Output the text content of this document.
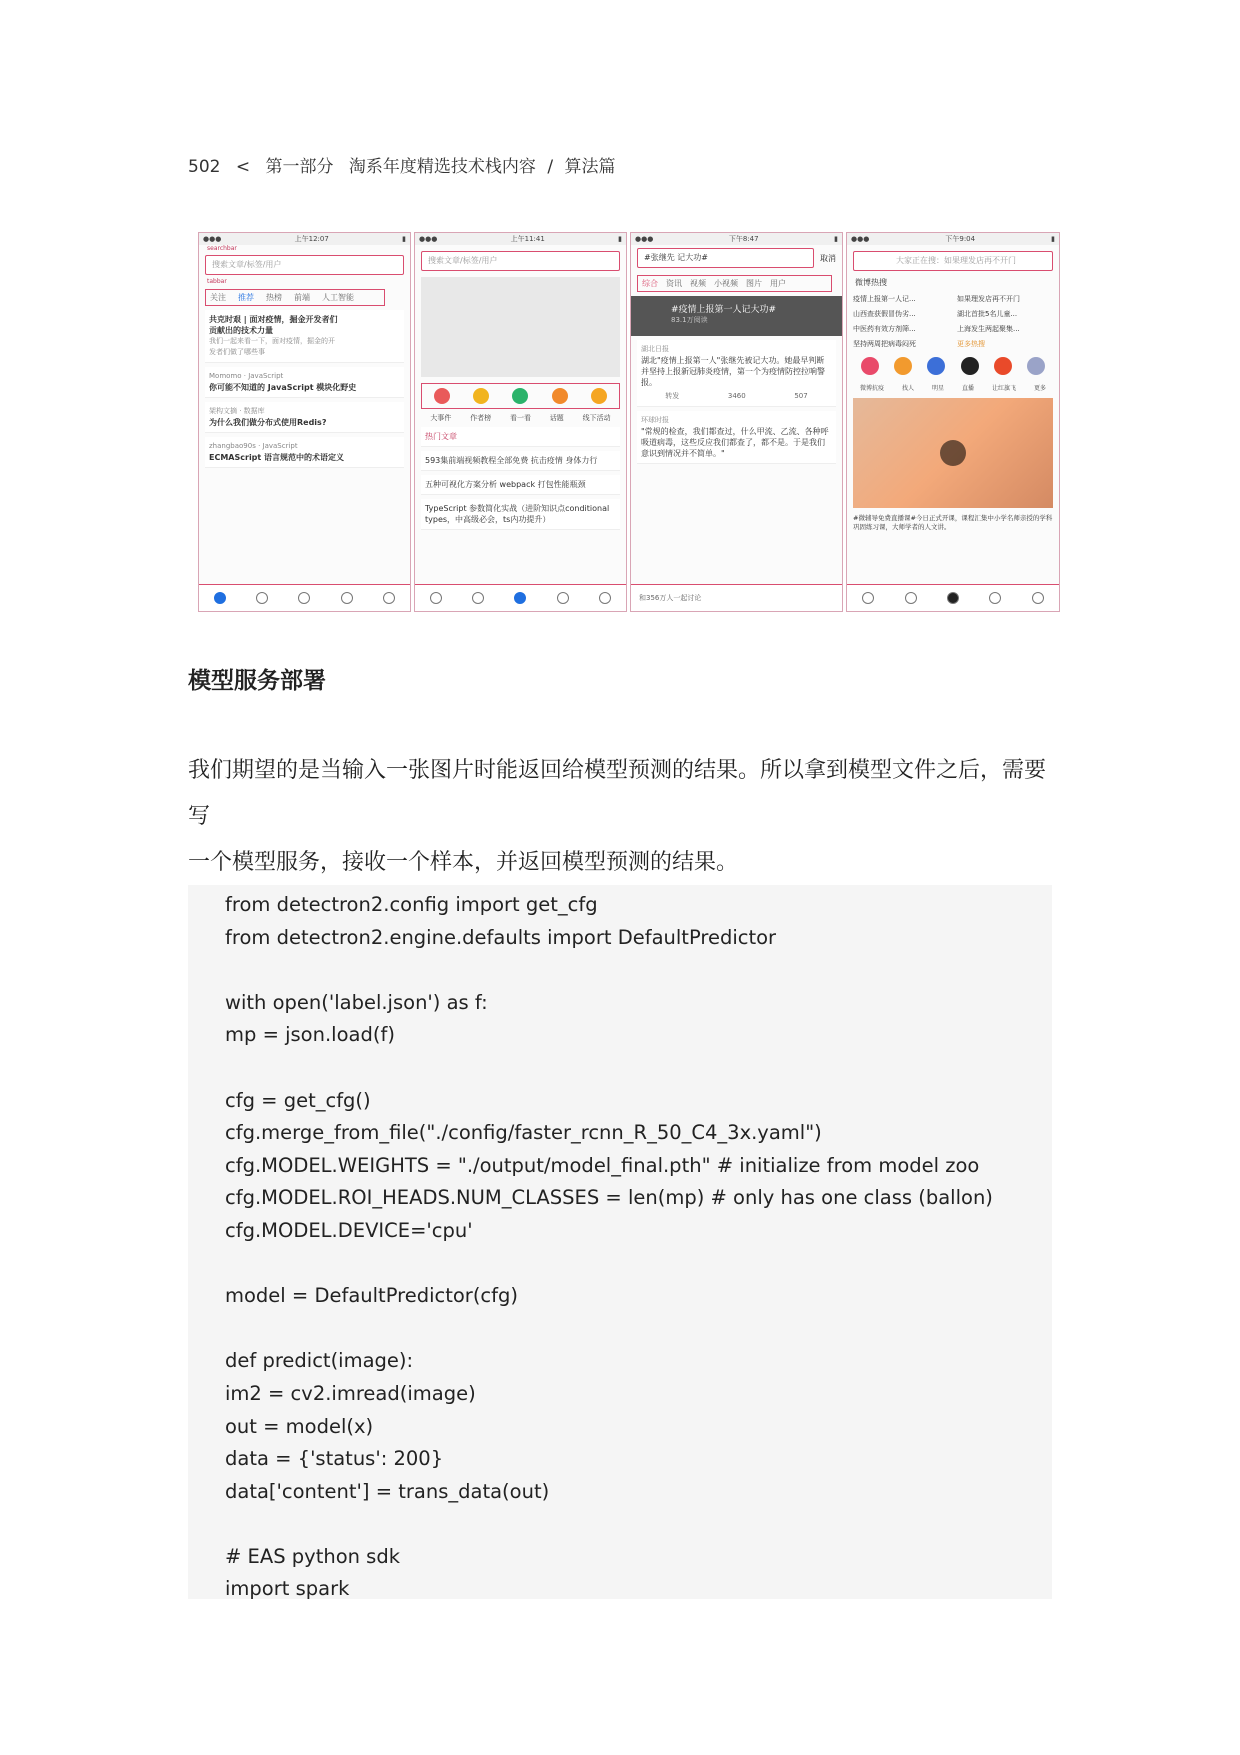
502 < 第一部分 淘系年度精选技术栈内容 / 算法篇
●●●	上午12:07	▮
searchbar
搜索文章/标签/用户
tabbar
关注 推荐 热榜 前端 人工智能
共克时艰 | 面对疫情，掘金开发者们贡献出的技术力量
我们一起来看一下，面对疫情，掘金的开发者们做了哪些事
Momomo · JavaScript
你可能不知道的 JavaScript 模块化野史
架构文摘 · 数据库
为什么我们做分布式使用Redis?
zhangbao90s · JavaScript
ECMAScript 语言规范中的术语定义
●●●	上午11:41	▮
搜索文章/标签/用户
大事件	作者榜	看一看	话题	线下活动
热门文章
593集前端视频教程全部免费 抗击疫情 身体力行
五种可视化方案分析 webpack 打包性能瓶颈
TypeScript 参数简化实战（进阶知识点conditional types，中高级必会，ts内功提升）
●●●	下午8:47	▮
#张继先 记大功#	取消
综合 资讯 视频 小视频 图片 用户
#疫情上报第一人记大功#
83.1万阅读
湖北日报
湖北"疫情上报第一人"张继先被记大功。她最早判断并坚持上报新冠肺炎疫情，第一个为疫情防控拉响警报。
转发	3460	507
环球时报
"常规的检查，我们都查过，什么甲流、乙流、各种呼吸道病毒，这些反应我们都查了，都不是。于是我们意识到情况并不简单。"
和356万人一起讨论
●●●	下午9:04	▮
大家正在搜：如果理发店再不开门
微博热搜
疫情上报第一人记...	如果理发店再不开门
山西查获假冒伪劣...	湖北首批5名儿童...
中医药有效方剂筛...	上海发生两起聚集...
坚持两周把病毒闷死	更多热搜
微博抗疫	找人	明星	直播	让红旗飞	更多
#微辅导免费直播课#今日正式开课，课程汇集中小学名师亲授的学科巩固练习课，大师学者的人文讲。
模型服务部署

我们期望的是当输入一张图片时能返回给模型预测的结果。所以拿到模型文件之后，需要写

一个模型服务，接收一个样本，并返回模型预测的结果。

from detectron2.config import get_cfg
from detectron2.engine.defaults import DefaultPredictor
with open('label.json') as f:
mp = json.load(f)
cfg = get_cfg()
cfg.merge_from_file("./config/faster_rcnn_R_50_C4_3x.yaml")
cfg.MODEL.WEIGHTS = "./output/model_final.pth" # initialize from model zoo
cfg.MODEL.ROI_HEADS.NUM_CLASSES = len(mp) # only has one class (ballon)
cfg.MODEL.DEVICE='cpu'
model = DefaultPredictor(cfg)
def predict(image):
im2 = cv2.imread(image)
out = model(x)
data = {'status': 200}
data['content'] = trans_data(out)
# EAS python sdk
import spark
